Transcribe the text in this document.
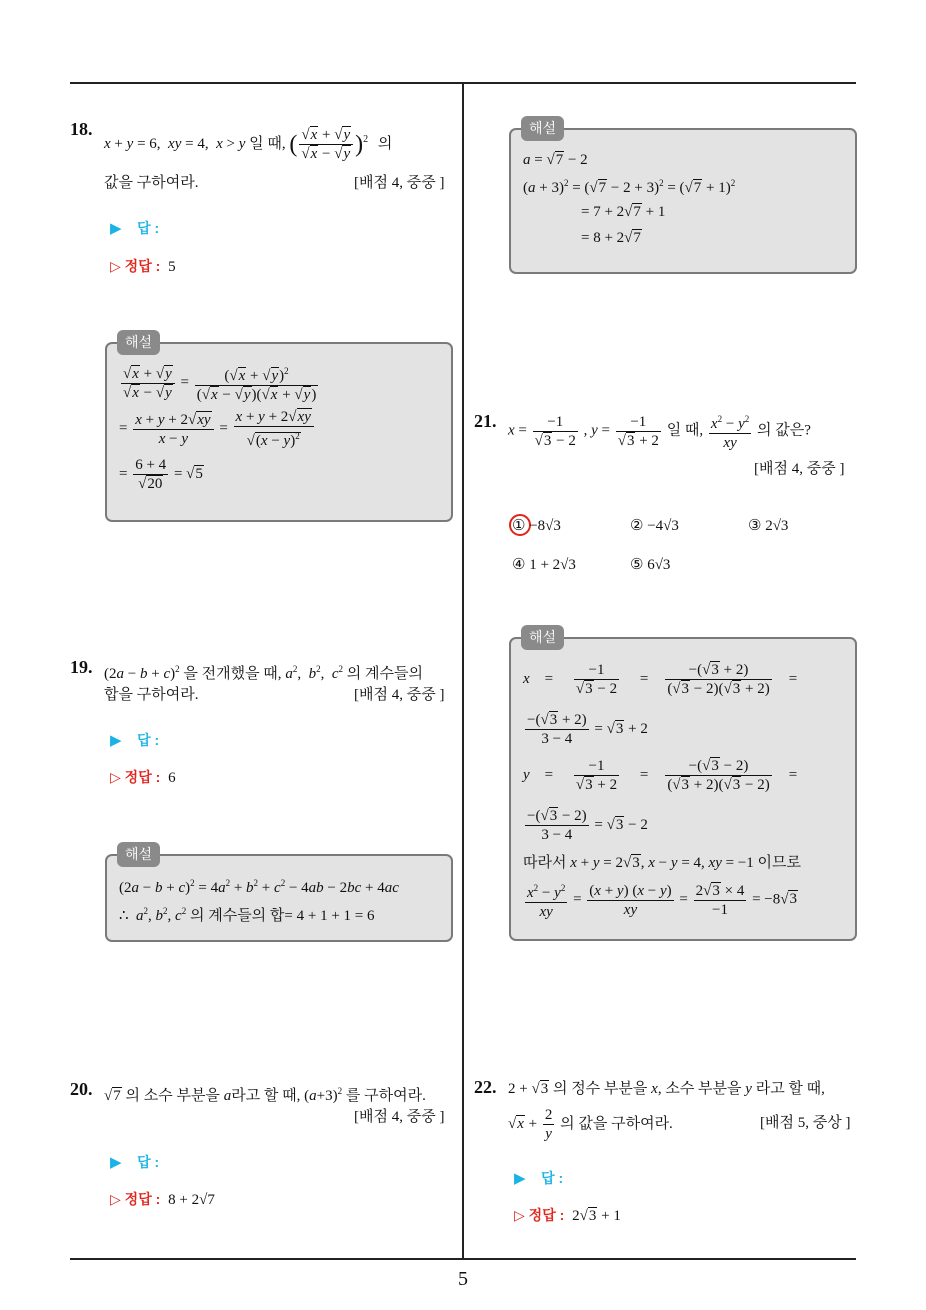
18.
x + y = 6,  xy = 4,  x > y 일 때, ( $\frac{√x + √y}{√x - √y} )^2$ 의
값을 구하여라.	[배점 4, 중중 ]
▶ 답 :
▷ 정답 : 5
해설
$\frac{√x + √y}{√x - √y} = \frac{(√x + √y)^2}{(√x - √y)(√x + √y)}$
= $\frac{x + y + 2√xy}{x - y} = \frac{x + y + 2√xy}{√(x - y)^2}$
= $\frac{6 + 4}{√20} = √5$
19. $(2a - b + c)^2$ 을 전개했을 때, $a^2$,  $b^2$,  $c^2$ 의 계수들의
합을 구하여라.	[배점 4, 중중 ]
▶ 답 :
▷ 정답 : 6
해설
$(2a - b + c)^2 = 4a^2 + b^2 + c^2 - 4ab - 2bc + 4ac$
∴  $a^2$, $b^2$, $c^2$ 의 계수들의 합= 4 + 1 + 1 = 6
20. √7 의 소수 부분을 a라고 할 때, $(a+3)^2$ 를 구하여라.
[배점 4, 중중 ]
▶ 답 :
▷ 정답 : 8 + 2√7
해설
a = √7 − 2
$(a + 3)^2 = (√7 - 2 + 3)^2 = (√7 + 1)^2$
= 7 + 2√7 + 1
= 8 + 2√7
21. $x = \frac{-1}{√3 - 2}$ , $y = \frac{-1}{√3 + 2}$ 일 때, $\frac{x^2 - y^2}{xy}$ 의 값은?
[배점 4, 중중 ]
① −8√3	② −4√3	③ 2√3
④ 1 + 2√3	⑤ 6√3
해설
x    = $\frac{-1}{√3 - 2} = \frac{-(√3 + 2)}{(√3 - 2)(√3 + 2)}$ =
$\frac{-(√3 + 2)}{3 - 4} = √3 + 2$
y    = $\frac{-1}{√3 + 2} = \frac{-(√3 - 2)}{(√3 + 2)(√3 - 2)}$ =
$\frac{-(√3 - 2)}{3 - 4} = √3 - 2$
따라서 x + y = 2√3, x − y = 4, xy = −1 이므로
$\frac{x^2 - y^2}{xy} = \frac{(x + y) (x - y)}{xy} = \frac{2√3 \times 4}{-1} = -8√3$
22. 2 + √3 의 정수 부분을 x, 소수 부분을 y 라고 할 때,
$√x + \frac{2}{y}$ 의 값을 구하여라.	[배점 5, 중상 ]
▶ 답 :
▷ 정답 : 2√3 + 1
5
